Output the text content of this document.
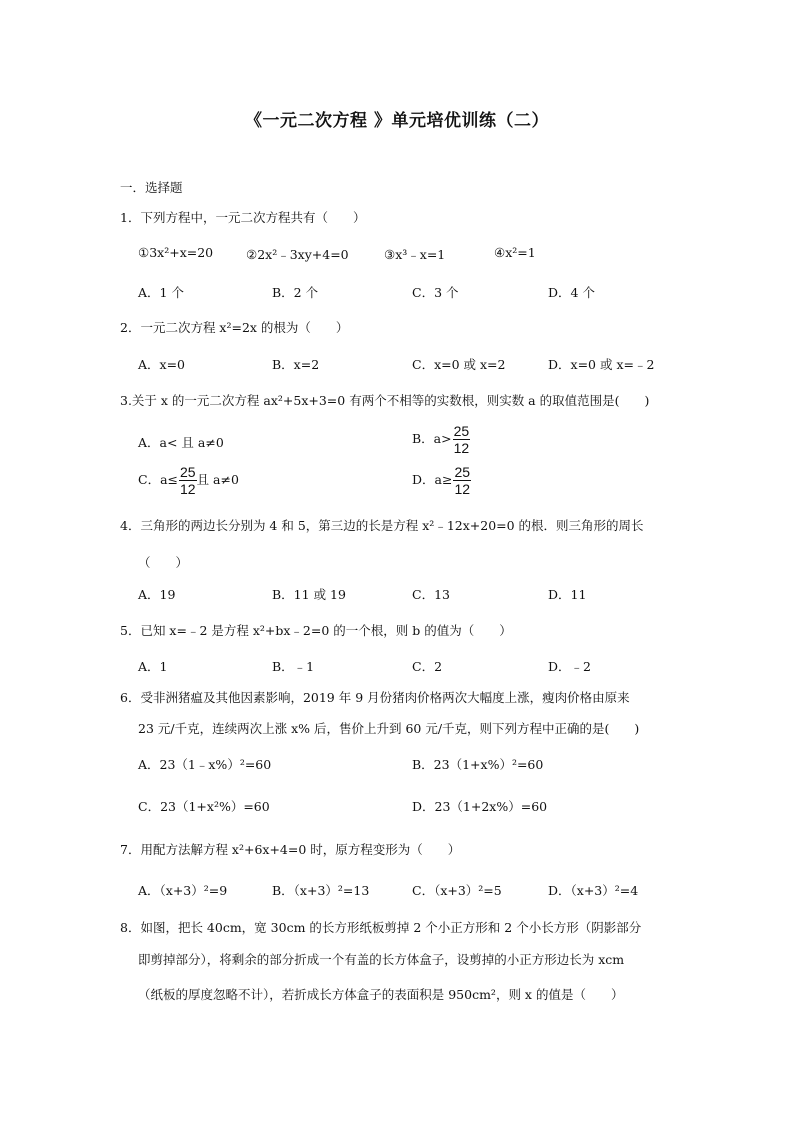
《一元二次方程 》单元培优训练（二）
一．选择题
1．下列方程中，一元二次方程共有（　　）
①3x²+x=20	②2x²﹣3xy+4=0	③x³﹣x=1	④x²=1
A．1 个	B．2 个	C．3 个	D．4 个
2．一元二次方程 x²=2x 的根为（　　）
A．x=0	B．x=2	C．x=0 或 x=2	D．x=0 或 x=﹣2
3.关于 x 的一元二次方程 ax²+5x+3=0 有两个不相等的实数根，则实数 a 的取值范围是(　　)
A．a< 且 a≠0	B．$a> \frac{25}{12}$
C．$a\le \frac{25}{12}$ 且 a≠0	D．$a\ge \frac{25}{12}$
4．三角形的两边长分别为 4 和 5，第三边的长是方程 x²﹣12x+20=0 的根．则三角形的周长
（　　）
A．19	B．11 或 19	C．13	D．11
5．已知 x=﹣2 是方程 x²+bx﹣2=0 的一个根，则 b 的值为（　　）
A．1	B．﹣1	C．2	D．﹣2
6．受非洲猪瘟及其他因素影响，2019 年 9 月份猪肉价格两次大幅度上涨，瘦肉价格由原来
23 元/千克，连续两次上涨 x% 后，售价上升到 60 元/千克，则下列方程中正确的是(　　)
A．23（1﹣x%）²=60	B．23（1+x%）²=60
C．23（1+x²%）=60	D．23（1+2x%）=60
7．用配方法解方程 x²+6x+4=0 时，原方程变形为（　　）
A．（x+3）²=9	B．（x+3）²=13	C．（x+3）²=5	D．（x+3）²=4
8．如图，把长 40cm，宽 30cm 的长方形纸板剪掉 2 个小正方形和 2 个小长方形（阴影部分
即剪掉部分），将剩余的部分折成一个有盖的长方体盒子，设剪掉的小正方形边长为 xcm
（纸板的厚度忽略不计），若折成长方体盒子的表面积是 950cm²，则 x 的值是（　　）
